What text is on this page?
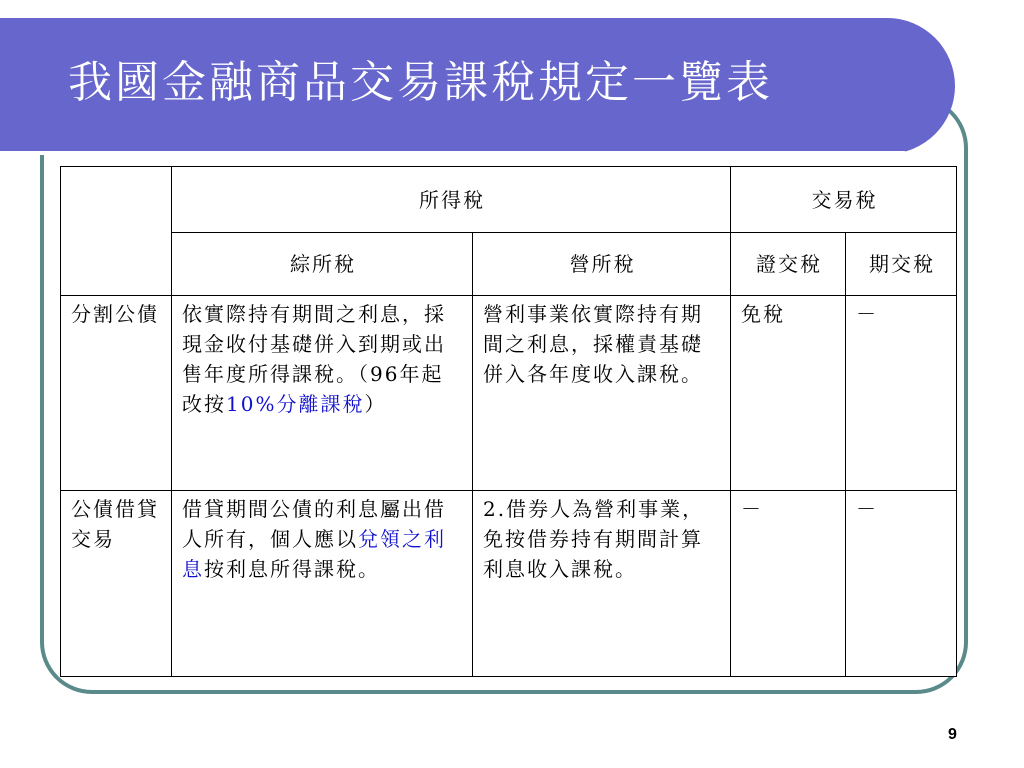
我國金融商品交易課稅規定一覽表
	所得稅		交易稅	
	綜所稅	營所稅	證交稅	期交稅
分割公債	依實際持有期間之利息，採現金收付基礎併入到期或出售年度所得課稅。（96年起改按10%分離課稅）	營利事業依實際持有期間之利息，採權責基礎併入各年度收入課稅。	免稅	－
公債借貸交易	借貸期間公債的利息屬出借人所有，個人應以兌領之利息按利息所得課稅。	2.借券人為營利事業，免按借券持有期間計算利息收入課稅。	－	－
9
